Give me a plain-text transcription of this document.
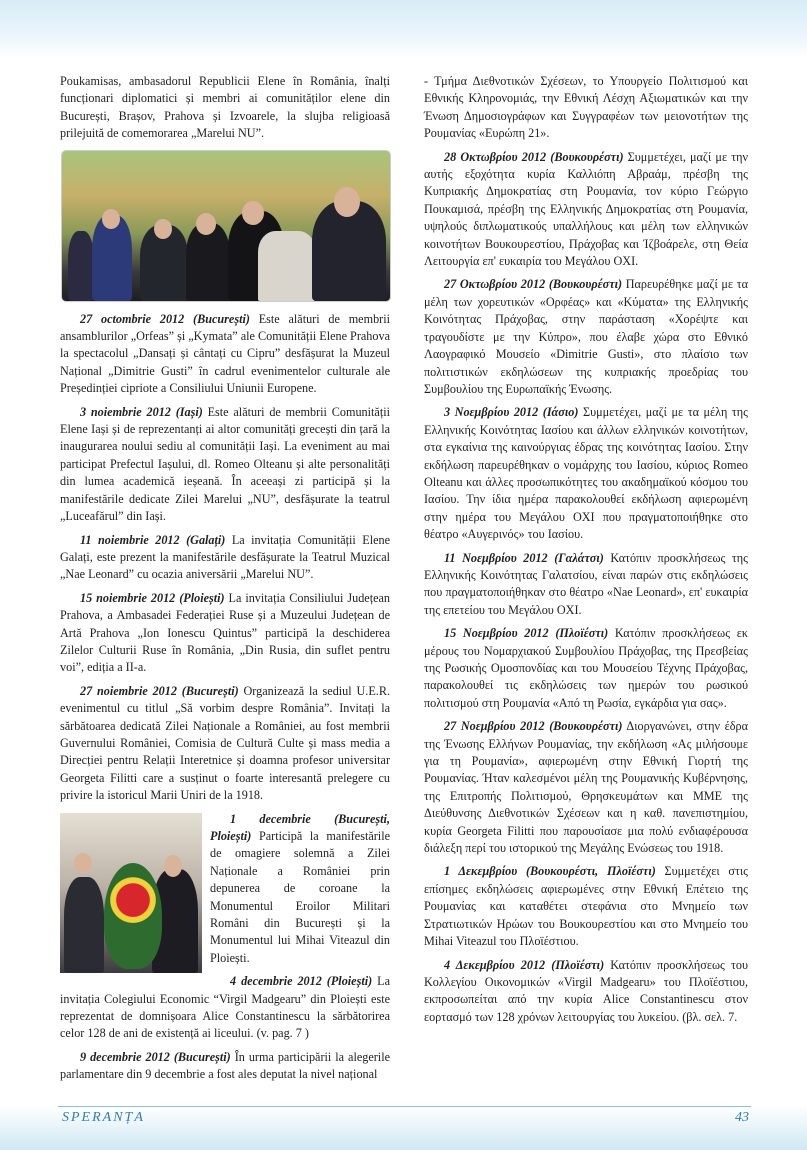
Poukamisas, ambasadorul Republicii Elene în România, înalți funcționari diplomatici și membri ai comunităților elene din București, Brașov, Prahova și Izvoarele, la slujba religioasă prilejuită de comemorarea „Marelui NU”.

27 octombrie 2012 (București) Este alături de membrii ansamblurilor „Orfeas” și „Kymata” ale Comunității Elene Prahova la spectacolul „Dansați și cântați cu Cipru” desfășurat la Muzeul Național „Dimitrie Gusti” în cadrul evenimentelor culturale ale Președinției cipriote a Consiliului Uniunii Europene.

3 noiembrie 2012 (Iași) Este alături de membrii Comunității Elene Iași și de reprezentanți ai altor comunități grecești din țară la inaugurarea noului sediu al comunității Iași. La eveniment au mai participat Prefectul Iașului, dl. Romeo Olteanu și alte personalități din lumea academică ieșeană. În aceeași zi participă și la manifestările dedicate Zilei Marelui „NU”, desfășurate la teatrul „Luceafărul” din Iași.

11 noiembrie 2012 (Galați) La invitația Comunității Elene Galați, este prezent la manifestările desfășurate la Teatrul Muzical „Nae Leonard” cu ocazia aniversării „Marelui NU”.

15 noiembrie 2012 (Ploiești) La invitația Consiliului Județean Prahova, a Ambasadei Federației Ruse și a Muzeului Județean de Artă Prahova „Ion Ionescu Quintus” participă la deschiderea Zilelor Culturii Ruse în România, „Din Rusia, din suflet pentru voi”, ediția a II-a.

27 noiembrie 2012 (București) Organizează la sediul U.E.R. evenimentul cu titlul „Să vorbim despre România”. Invitați la sărbătoarea dedicată Zilei Naționale a României, au fost membrii Guvernului României, Comisia de Cultură Culte și mass media a Direcției pentru Relații Interetnice și doamna profesor universitar Georgeta Filitti care a susținut o foarte interesantă prelegere cu privire la istoricul Marii Uniri de la 1918.

1 decembrie (București, Ploiești) Participă la manifestările de omagiere solemnă a Zilei Naționale a României prin depunerea de coroane la Monumentul Eroilor Militari Români din București și la Monumentul lui Mihai Viteazul din Ploiești.

4 decembrie 2012 (Ploiești) La invitația Colegiului Economic “Virgil Madgearu” din Ploiești este reprezentat de domnișoara Alice Constantinescu la sărbătorirea celor 128 de ani de existență ai liceului. (v. pag. 7 )

9 decembrie 2012 (București) În urma participării la alegerile parlamentare din 9 decembrie a fost ales deputat la nivel național

- Τμήμα Διεθνοτικών Σχέσεων, το Υπουργείο Πολιτισμού και Εθνικής Κληρονομιάς, την Εθνική Λέσχη Αξιωματικών και την Ένωση Δημοσιογράφων και Συγγραφέων των μειονοτήτων της Ρουμανίας «Ευρώπη 21».

28 Οκτωβρίου 2012 (Βουκουρέστι) Συμμετέχει, μαζί με την αυτής εξοχότητα κυρία Καλλιόπη Αβραάμ, πρέσβη της Κυπριακής Δημοκρατίας στη Ρουμανία, τον κύριο Γεώργιο Πουκαμισά, πρέσβη της Ελληνικής Δημοκρατίας στη Ρουμανία, υψηλούς διπλωματικούς υπαλλήλους και μέλη των ελληνικών κοινοτήτων Βουκουρεστίου, Πράχοβας και Ίζβοάρελε, στη Θεία Λειτουργία επ' ευκαιρία του Μεγάλου ΟΧΙ.

27 Οκτωβρίου 2012 (Βουκουρέστι) Παρευρέθηκε μαζί με τα μέλη των χορευτικών «Ορφέας» και «Κύματα» της Ελληνικής Κοινότητας Πράχοβας, στην παράσταση «Χορέψτε και τραγουδίστε με την Κύπρο», που έλαβε χώρα στο Εθνικό Λαογραφικό Μουσείο «Dimitrie Gusti», στο πλαίσιο των πολιτιστικών εκδηλώσεων της κυπριακής προεδρίας του Συμβουλίου της Ευρωπαϊκής Ένωσης.

3 Νοεμβρίου 2012 (Ιάσιο) Συμμετέχει, μαζί με τα μέλη της Ελληνικής Κοινότητας Ιασίου και άλλων ελληνικών κοινοτήτων, στα εγκαίνια της καινούργιας έδρας της κοινότητας Ιασίου. Στην εκδήλωση παρευρέθηκαν ο νομάρχης του Ιασίου, κύριος Romeo Olteanu και άλλες προσωπικότητες του ακαδημαϊκού κόσμου του Ιασίου. Την ίδια ημέρα παρακολουθεί εκδήλωση αφιερωμένη στην ημέρα του Μεγάλου ΟΧΙ που πραγματοποιήθηκε στο θέατρο «Αυγερινός» του Ιασίου.

11 Νοεμβρίου 2012 (Γαλάτσι) Κατόπιν προσκλήσεως της Ελληνικής Κοινότητας Γαλατσίου, είναι παρών στις εκδηλώσεις που πραγματοποιήθηκαν στο θέατρο «Nae Leonard», επ' ευκαιρία της επετείου του Μεγάλου ΟΧΙ.

15 Νοεμβρίου 2012 (Πλοϊέστι) Κατόπιν προσκλήσεως εκ μέρους του Νομαρχιακού Συμβουλίου Πράχοβας, της Πρεσβείας της Ρωσικής Ομοσπονδίας και του Μουσείου Τέχνης Πράχοβας, παρακολουθεί τις εκδηλώσεις των ημερών του ρωσικού πολιτισμού στη Ρουμανία «Από τη Ρωσία, εγκάρδια για σας».

27 Νοεμβρίου 2012 (Βουκουρέστι) Διοργανώνει, στην έδρα της Ένωσης Ελλήνων Ρουμανίας, την εκδήλωση «Ας μιλήσουμε για τη Ρουμανία», αφιερωμένη στην Εθνική Γιορτή της Ρουμανίας. Ήταν καλεσμένοι μέλη της Ρουμανικής Κυβέρνησης, της Επιτροπής Πολιτισμού, Θρησκευμάτων και ΜΜΕ της Διεύθυνσης Διεθνοτικών Σχέσεων και η καθ. πανεπιστημίου, κυρία Georgeta Filitti που παρουσίασε μια πολύ ενδιαφέρουσα διάλεξη περί του ιστορικού της Μεγάλης Ενώσεως του 1918.

1 Δεκεμβρίου (Βουκουρέστι, Πλοϊέστι) Συμμετέχει στις επίσημες εκδηλώσεις αφιερωμένες στην Εθνική Επέτειο της Ρουμανίας και καταθέτει στεφάνια στο Μνημείο των Στρατιωτικών Ηρώων του Βουκουρεστίου και στο Μνημείο του Mihai Viteazul του Πλοϊέστιου.

4 Δεκεμβρίου 2012 (Πλοϊέστι) Κατόπιν προσκλήσεως του Κολλεγίου Οικονομικών «Virgil Madgearu» του Πλοϊέστιου, εκπροσωπείται από την κυρία Alice Constantinescu στον εορτασμό των 128 χρόνων λειτουργίας του λυκείου. (βλ. σελ. 7.

SPERANȚA	43
